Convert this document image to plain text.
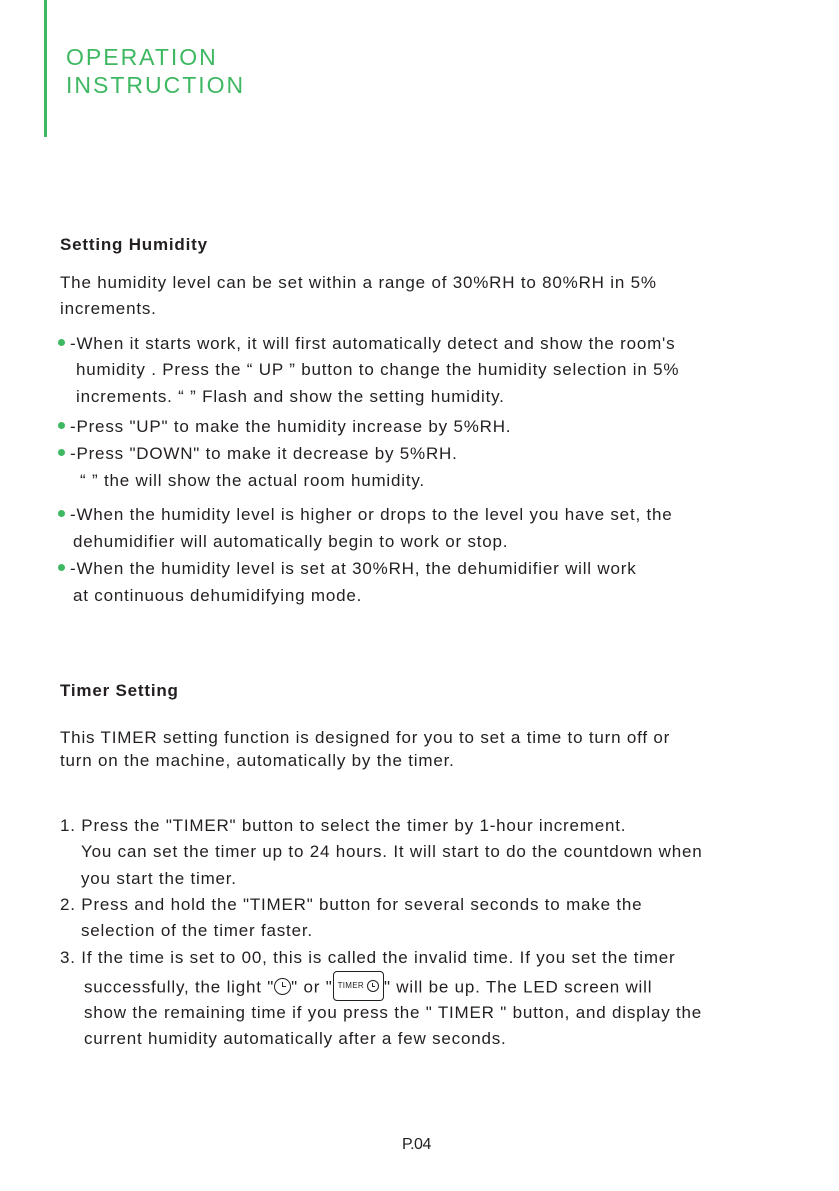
OPERATION
INSTRUCTION
Setting Humidity
The humidity level can be set within a range of 30%RH to 80%RH in 5%
increments.
-When it starts work, it will first automatically detect and show the room's
humidity . Press the “ UP ” button to change the humidity selection in 5%
increments. “ ” Flash and show the setting humidity.
-Press "UP" to make the humidity increase by 5%RH.
-Press "DOWN" to make it decrease by 5%RH.
“ ” the will show the actual room humidity.
-When the humidity level is higher or drops to the level you have set, the
dehumidifier will automatically begin to work or stop.
-When the humidity level is set at 30%RH, the dehumidifier will work
at continuous dehumidifying mode.
Timer Setting
This TIMER setting function is designed for you to set a time to turn off or
turn on the machine, automatically by the timer.
1. Press the "TIMER" button to select the timer by 1-hour increment.
You can set the timer up to 24 hours. It will start to do the countdown when
you start the timer.
2. Press and hold the "TIMER" button for several seconds to make the
selection of the timer faster.
3. If the time is set to 00, this is called the invalid time. If you set the timer
successfully, the light " " or " TIMER " will be up. The LED screen will
show the remaining time if you press the " TIMER " button, and display the
current humidity automatically after a few seconds.
P.04
